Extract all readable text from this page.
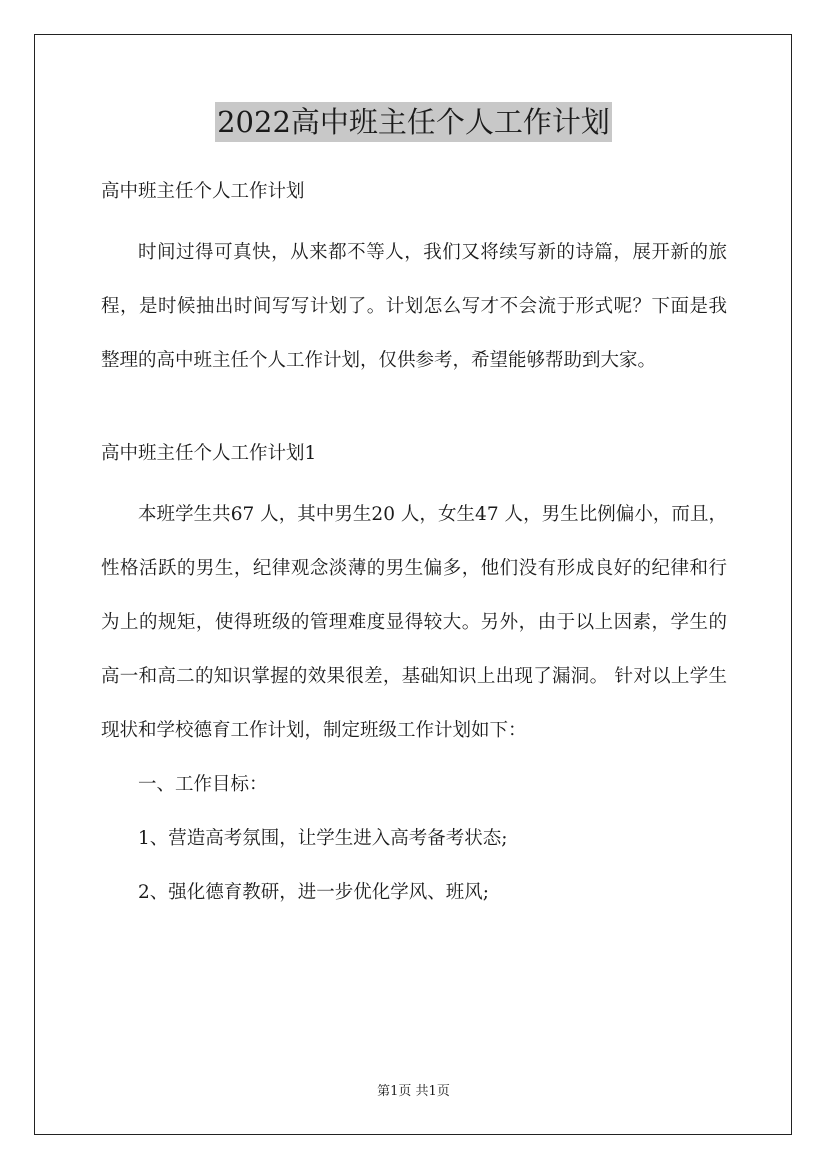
2022高中班主任个人工作计划

高中班主任个人工作计划

时间过得可真快，从来都不等人，我们又将续写新的诗篇，展开新的旅程，是时候抽出时间写写计划了。计划怎么写才不会流于形式呢？下面是我整理的高中班主任个人工作计划，仅供参考，希望能够帮助到大家。

高中班主任个人工作计划1

本班学生共67 人，其中男生20 人，女生47 人，男生比例偏小，而且，性格活跃的男生，纪律观念淡薄的男生偏多，他们没有形成良好的纪律和行为上的规矩，使得班级的管理难度显得较大。另外，由于以上因素，学生的高一和高二的知识掌握的效果很差，基础知识上出现了漏洞。 针对以上学生现状和学校德育工作计划，制定班级工作计划如下：

一、工作目标：

1、营造高考氛围，让学生进入高考备考状态;

2、强化德育教研，进一步优化学风、班风;

第1页 共1页
